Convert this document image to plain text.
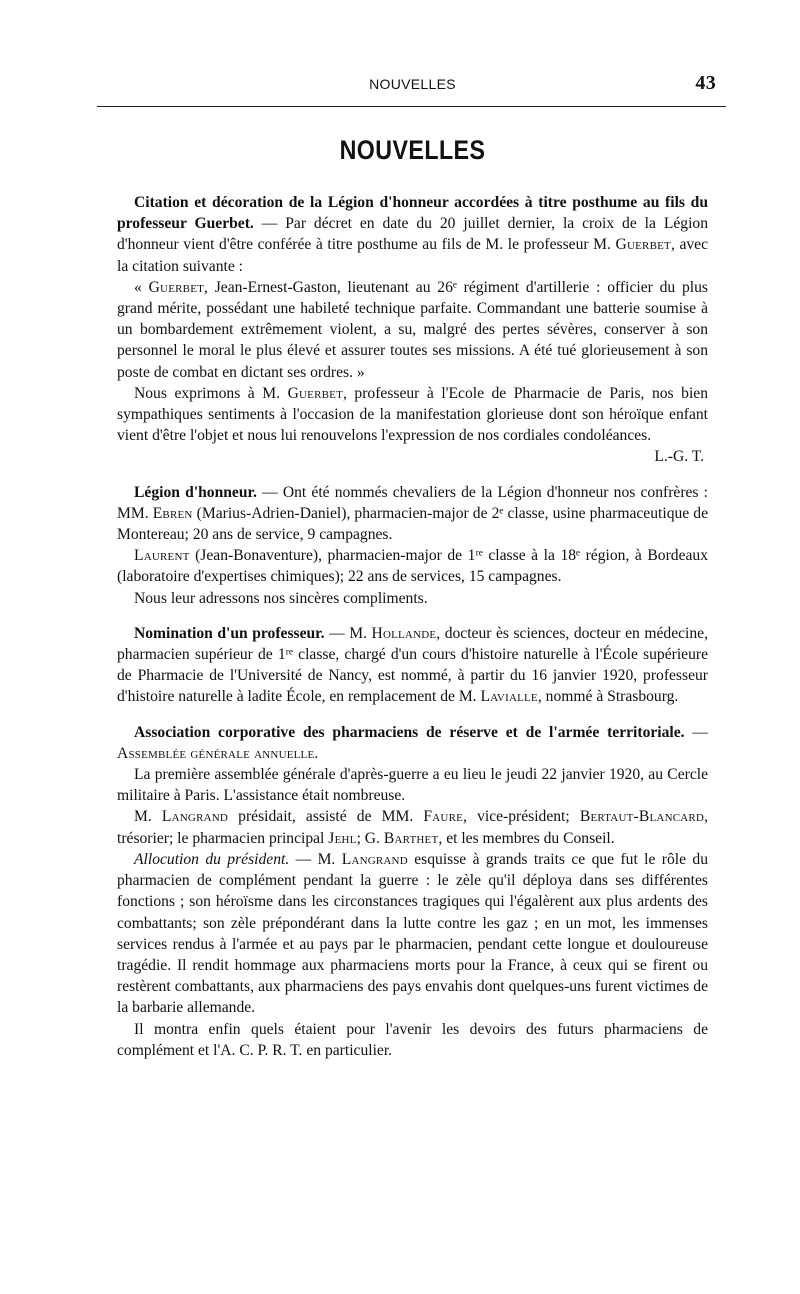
NOUVELLES	43
NOUVELLES

Citation et décoration de la Légion d'honneur accordées à titre posthume au fils du professeur Guerbet. — Par décret en date du 20 juillet dernier, la croix de la Légion d'honneur vient d'être conférée à titre posthume au fils de M. le professeur M. Guerbet, avec la citation suivante :

« Guerbet, Jean-Ernest-Gaston, lieutenant au 26ᵉ régiment d'artillerie : officier du plus grand mérite, possédant une habileté technique parfaite. Commandant une batterie soumise à un bombardement extrêmement violent, a su, malgré des pertes sévères, conserver à son personnel le moral le plus élevé et assurer toutes ses missions. A été tué glorieusement à son poste de combat en dictant ses ordres. »

Nous exprimons à M. Guerbet, professeur à l'Ecole de Pharmacie de Paris, nos bien sympathiques sentiments à l'occasion de la manifestation glorieuse dont son héroïque enfant vient d'être l'objet et nous lui renouvelons l'expression de nos cordiales condoléances.
L.-G. T.

Légion d'honneur. — Ont été nommés chevaliers de la Légion d'honneur nos confrères : MM. Ebren (Marius-Adrien-Daniel), pharmacien-major de 2ᵉ classe, usine pharmaceutique de Montereau; 20 ans de service, 9 campagnes.

Laurent (Jean-Bonaventure), pharmacien-major de 1ʳᵉ classe à la 18ᵉ région, à Bordeaux (laboratoire d'expertises chimiques); 22 ans de services, 15 campagnes.

Nous leur adressons nos sincères compliments.

Nomination d'un professeur. — M. Hollande, docteur ès sciences, docteur en médecine, pharmacien supérieur de 1ʳᵉ classe, chargé d'un cours d'histoire naturelle à l'École supérieure de Pharmacie de l'Université de Nancy, est nommé, à partir du 16 janvier 1920, professeur d'histoire naturelle à ladite École, en remplacement de M. Lavialle, nommé à Strasbourg.

Association corporative des pharmaciens de réserve et de l'armée territoriale. — Assemblée générale annuelle.

La première assemblée générale d'après-guerre a eu lieu le jeudi 22 janvier 1920, au Cercle militaire à Paris. L'assistance était nombreuse.

M. Langrand présidait, assisté de MM. Faure, vice-président; Bertaut-Blancard, trésorier; le pharmacien principal Jehl; G. Barthet, et les membres du Conseil.

Allocution du président. — M. Langrand esquisse à grands traits ce que fut le rôle du pharmacien de complément pendant la guerre : le zèle qu'il déploya dans ses différentes fonctions ; son héroïsme dans les circonstances tragiques qui l'égalèrent aux plus ardents des combattants; son zèle prépondérant dans la lutte contre les gaz ; en un mot, les immenses services rendus à l'armée et au pays par le pharmacien, pendant cette longue et douloureuse tragédie. Il rendit hommage aux pharmaciens morts pour la France, à ceux qui se firent ou restèrent combattants, aux pharmaciens des pays envahis dont quelques-uns furent victimes de la barbarie allemande.

Il montra enfin quels étaient pour l'avenir les devoirs des futurs pharmaciens de complément et l'A. C. P. R. T. en particulier.
